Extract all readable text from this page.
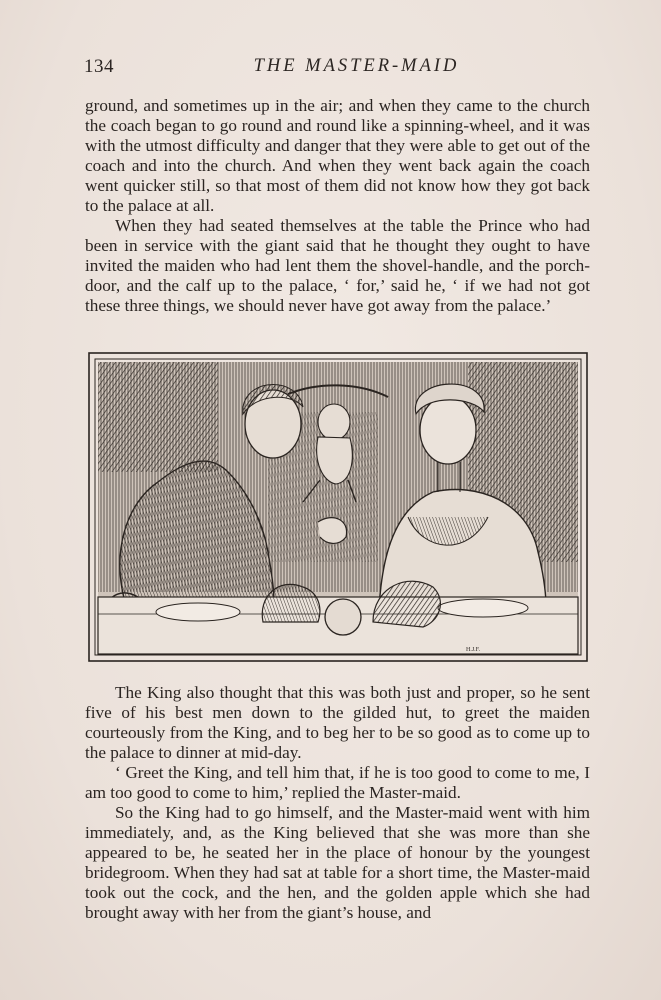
134	THE MASTER-MAID

ground, and sometimes up in the air; and when they came to the church the coach began to go round and round like a spinning-wheel, and it was with the utmost difficulty and danger that they were able to get out of the coach and into the church. And when they went back again the coach went quicker still, so that most of them did not know how they got back to the palace at all.

When they had seated themselves at the table the Prince who had been in service with the giant said that he thought they ought to have invited the maiden who had lent them the shovel-handle, and the porch-door, and the calf up to the palace, ‘ for,’ said he, ‘ if we had not got these three things, we should never have got away from the palace.’

H.J.F.

The King also thought that this was both just and proper, so he sent five of his best men down to the gilded hut, to greet the maiden courteously from the King, and to beg her to be so good as to come up to the palace to dinner at mid-day.

‘ Greet the King, and tell him that, if he is too good to come to me, I am too good to come to him,’ replied the Master-maid.

So the King had to go himself, and the Master-maid went with him immediately, and, as the King believed that she was more than she appeared to be, he seated her in the place of honour by the youngest bridegroom. When they had sat at table for a short time, the Master-maid took out the cock, and the hen, and the golden apple which she had brought away with her from the giant’s house, and
